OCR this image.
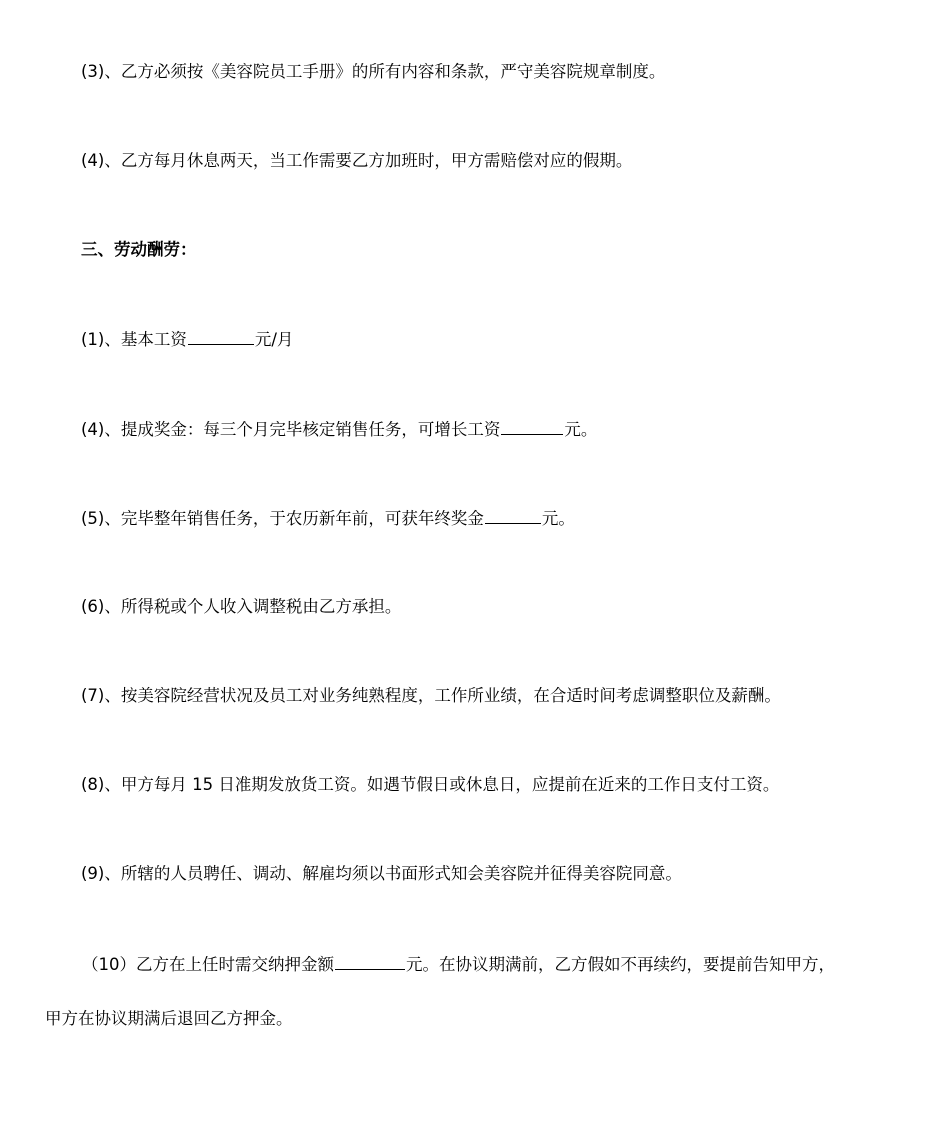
(3)、乙方必须按《美容院员工手册》的所有内容和条款，严守美容院规章制度。
(4)、乙方每月休息两天，当工作需要乙方加班时，甲方需赔偿对应的假期。
三、劳动酬劳：
(1)、基本工资	元/月
(4)、提成奖金：每三个月完毕核定销售任务，可增长工资	元。
(5)、完毕整年销售任务，于农历新年前，可获年终奖金	元。
(6)、所得税或个人收入调整税由乙方承担。
(7)、按美容院经营状况及员工对业务纯熟程度，工作所业绩，在合适时间考虑调整职位及薪酬。
(8)、甲方每月 15 日准期发放货工资。如遇节假日或休息日，应提前在近来的工作日支付工资。
(9)、所辖的人员聘任、调动、解雇均须以书面形式知会美容院并征得美容院同意。
（10）乙方在上任时需交纳押金额	元。在协议期满前，乙方假如不再续约，要提前告知甲方，
甲方在协议期满后退回乙方押金。
